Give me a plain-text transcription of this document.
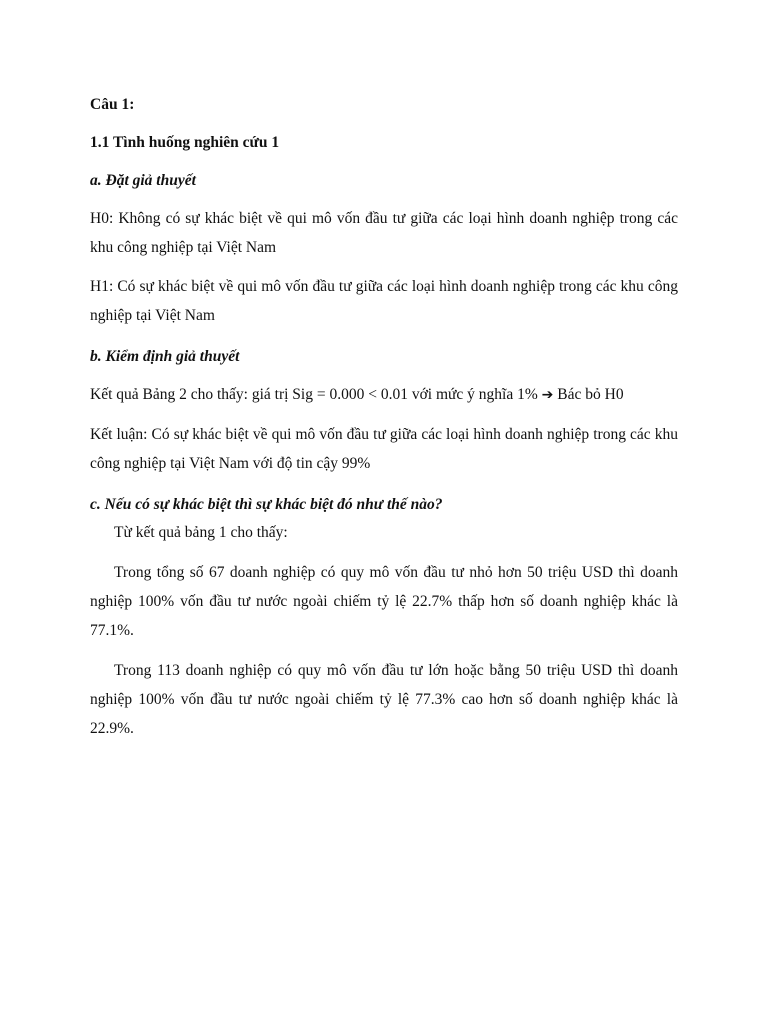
Câu 1:

1.1 Tình huống nghiên cứu 1

a. Đặt giả thuyết

H0: Không có sự khác biệt về qui mô vốn đầu tư giữa các loại hình doanh nghiệp trong các khu công nghiệp tại Việt Nam

H1: Có sự khác biệt về qui mô vốn đầu tư giữa các loại hình doanh nghiệp trong các khu công nghiệp tại Việt Nam

b. Kiểm định giả thuyết

Kết quả Bảng 2 cho thấy: giá trị Sig = 0.000 < 0.01 với mức ý nghĩa 1% ➔ Bác bỏ H0

Kết luận: Có sự khác biệt về qui mô vốn đầu tư giữa các loại hình doanh nghiệp trong các khu công nghiệp tại Việt Nam với độ tin cậy 99%

c. Nếu có sự khác biệt thì sự khác biệt đó như thế nào?

Từ kết quả bảng 1 cho thấy:

Trong tổng số 67 doanh nghiệp có quy mô vốn đầu tư nhỏ hơn 50 triệu USD thì doanh nghiệp 100% vốn đầu tư nước ngoài chiếm tỷ lệ 22.7% thấp hơn số doanh nghiệp khác là 77.1%.

Trong 113 doanh nghiệp có quy mô vốn đầu tư lớn hoặc bằng 50 triệu USD thì doanh nghiệp 100% vốn đầu tư nước ngoài chiếm tỷ lệ 77.3% cao hơn số doanh nghiệp khác là 22.9%.
